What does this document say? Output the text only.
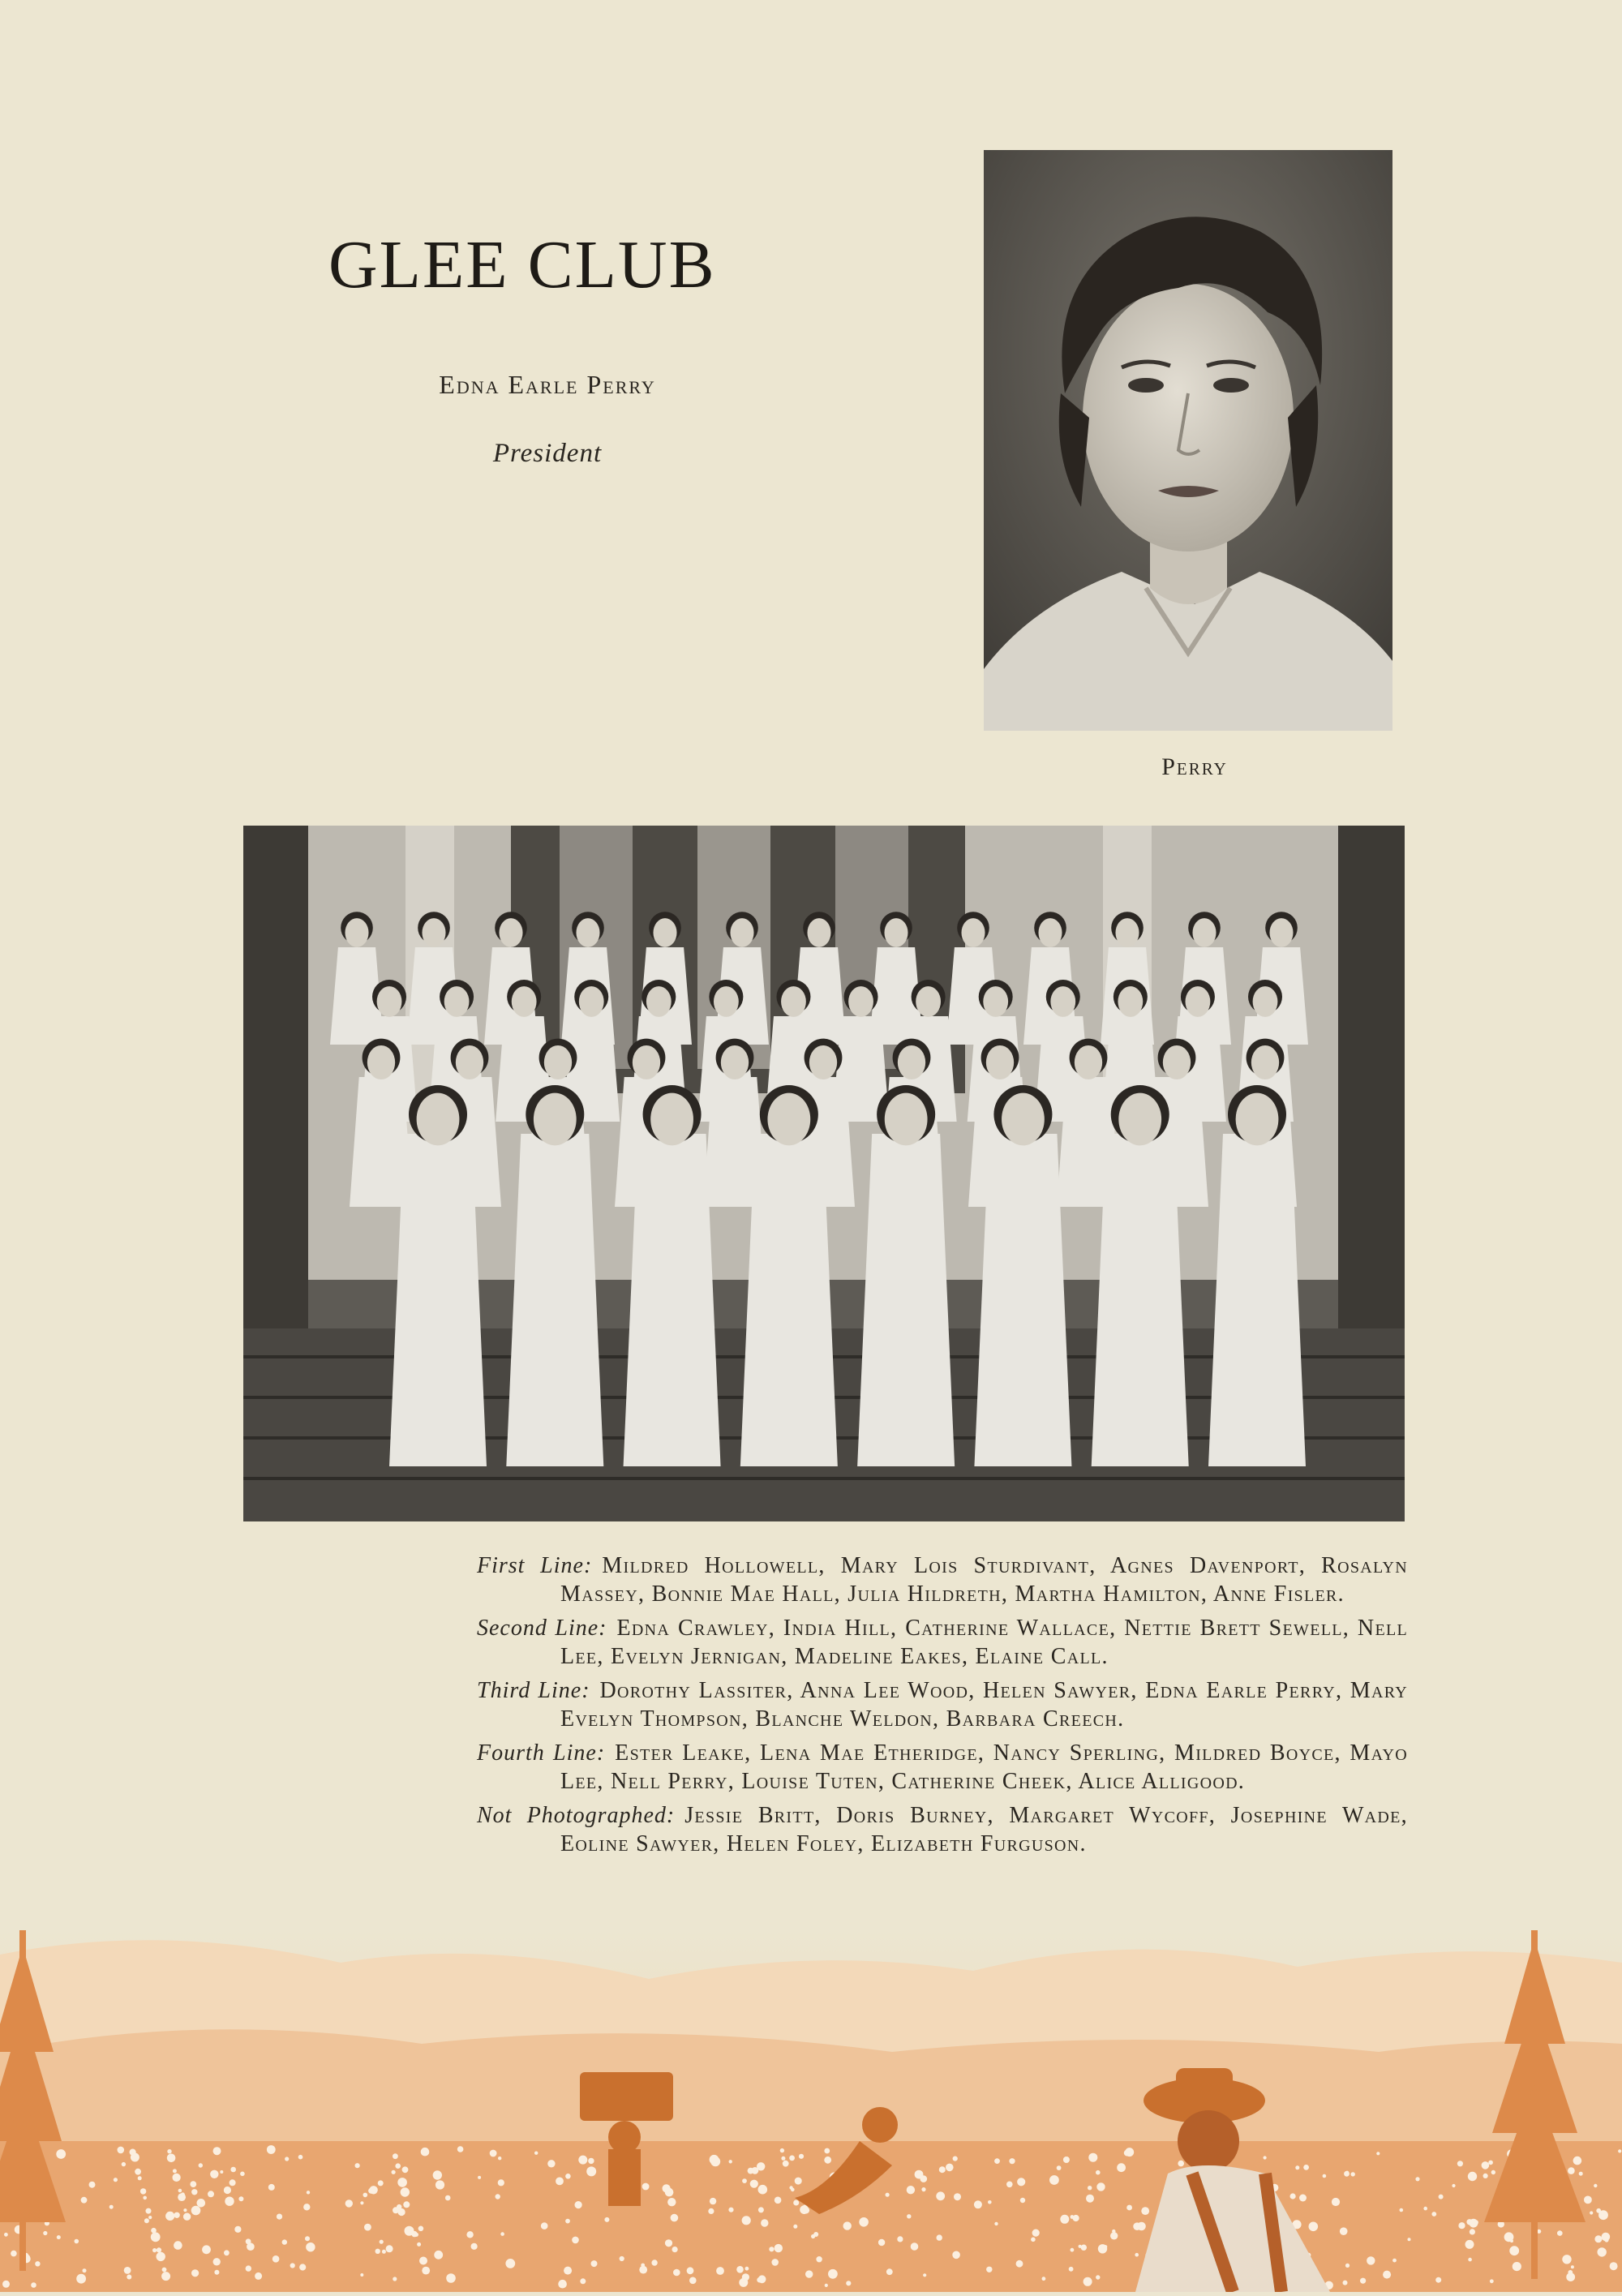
GLEE CLUB
Edna Earle Perry
President
Perry

First Line: Mildred Hollowell, Mary Lois Sturdivant, Agnes Davenport, Rosalyn Massey, Bonnie Mae Hall, Julia Hildreth, Martha Hamilton, Anne Fisler.

Second Line: Edna Crawley, India Hill, Catherine Wallace, Nettie Brett Sewell, Nell Lee, Evelyn Jernigan, Madeline Eakes, Elaine Call.

Third Line: Dorothy Lassiter, Anna Lee Wood, Helen Sawyer, Edna Earle Perry, Mary Evelyn Thompson, Blanche Weldon, Barbara Creech.

Fourth Line: Ester Leake, Lena Mae Etheridge, Nancy Sperling, Mildred Boyce, Mayo Lee, Nell Perry, Louise Tuten, Catherine Cheek, Alice Alligood.

Not Photographed: Jessie Britt, Doris Burney, Margaret Wycoff, Josephine Wade, Eoline Sawyer, Helen Foley, Elizabeth Furguson.
